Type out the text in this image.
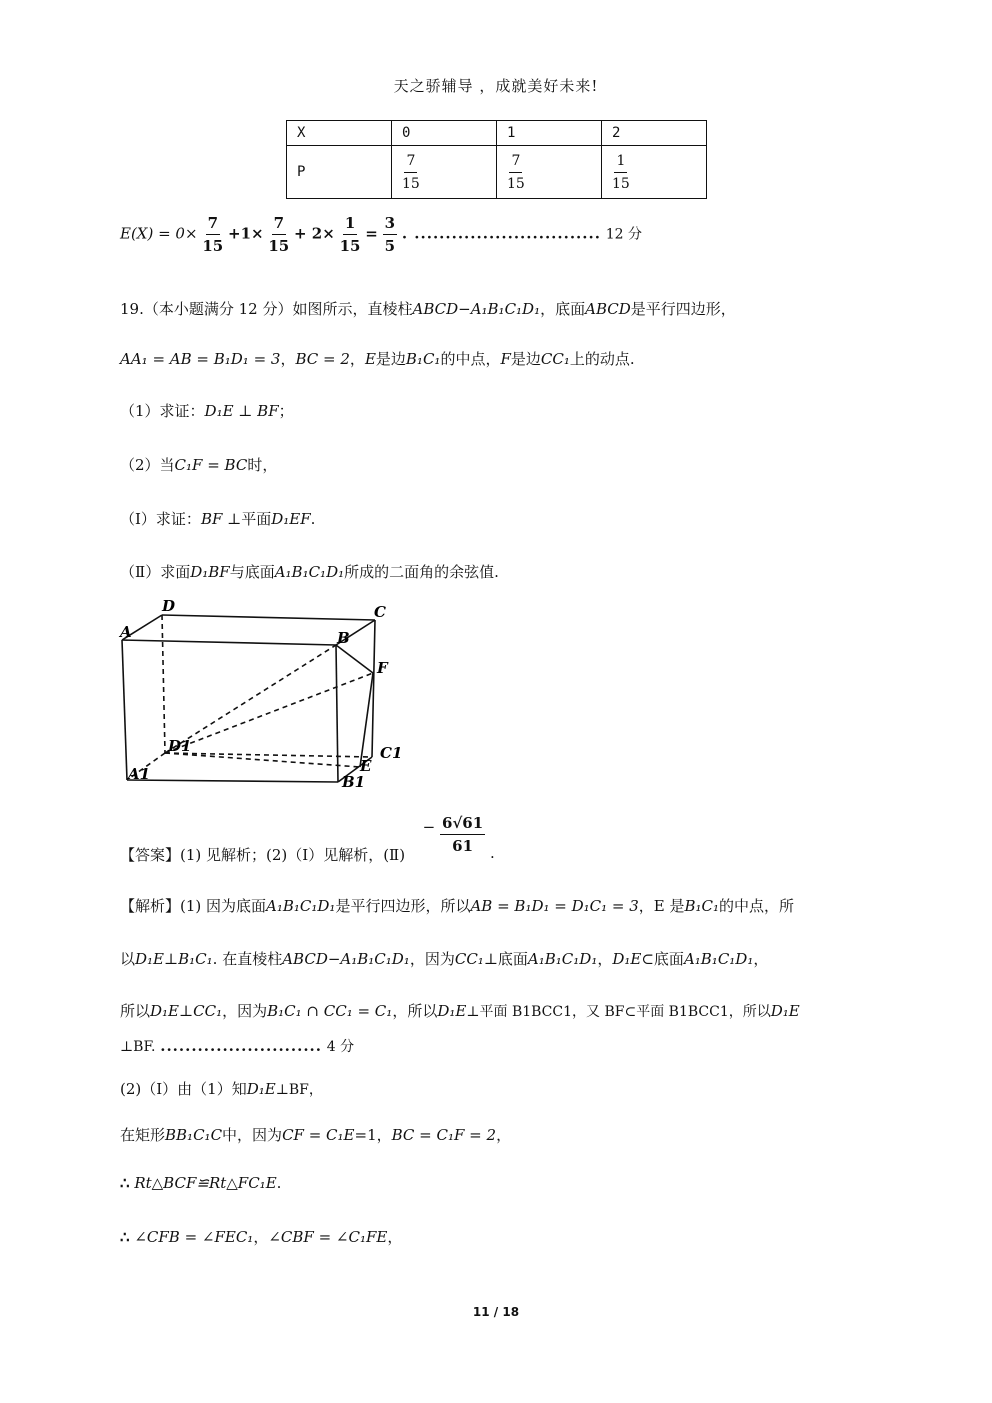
天之骄辅导 ，成就美好未来!
X	0	1	2
P	$\frac{7}{15}$	$\frac{7}{15}$	$\frac{1}{15}$
$E(X) = 0\times \frac{7}{15} +1\times \frac{7}{15} + 2\times \frac{1}{15} = \frac{3}{5}$ . .............................. 12 分
19.（本小题满分 12 分）如图所示，直棱柱ABCD−A₁B₁C₁D₁，底面ABCD是平行四边形，
AA₁ = AB = B₁D₁ = 3，BC = 2，E是边B₁C₁的中点，F是边CC₁上的动点.
（1）求证：D₁E ⊥ BF；
（2）当C₁F = BC时，
（Ⅰ）求证：BF ⊥平面D₁EF.
（Ⅱ）求面D₁BF与底面A₁B₁C₁D₁所成的二面角的余弦值.
D	C
A	B
F
D1	C1
A1	E
B1
【答案】(1) 见解析；(2)（Ⅰ）见解析，(Ⅱ)  − $\frac{6√61}{61}$ .
【解析】(1) 因为底面A₁B₁C₁D₁是平行四边形，所以AB = B₁D₁ = D₁C₁ = 3，E 是B₁C₁的中点，所
以D₁E⊥B₁C₁. 在直棱柱ABCD−A₁B₁C₁D₁，因为CC₁⊥底面A₁B₁C₁D₁，D₁E⊂底面A₁B₁C₁D₁，
所以D₁E⊥CC₁，因为B₁C₁ ∩ CC₁ = C₁，所以D₁E⊥平面 B1BCC1，又 BF⊂平面 B1BCC1，所以D₁E
⊥BF. .......................... 4 分
(2)（Ⅰ）由（1）知D₁E⊥BF，
在矩形BB₁C₁C中，因为CF = C₁E=1，BC = C₁F = 2，
∴ Rt△BCF≌Rt△FC₁E.
∴ ∠CFB = ∠FEC₁，∠CBF = ∠C₁FE，
11 / 18
